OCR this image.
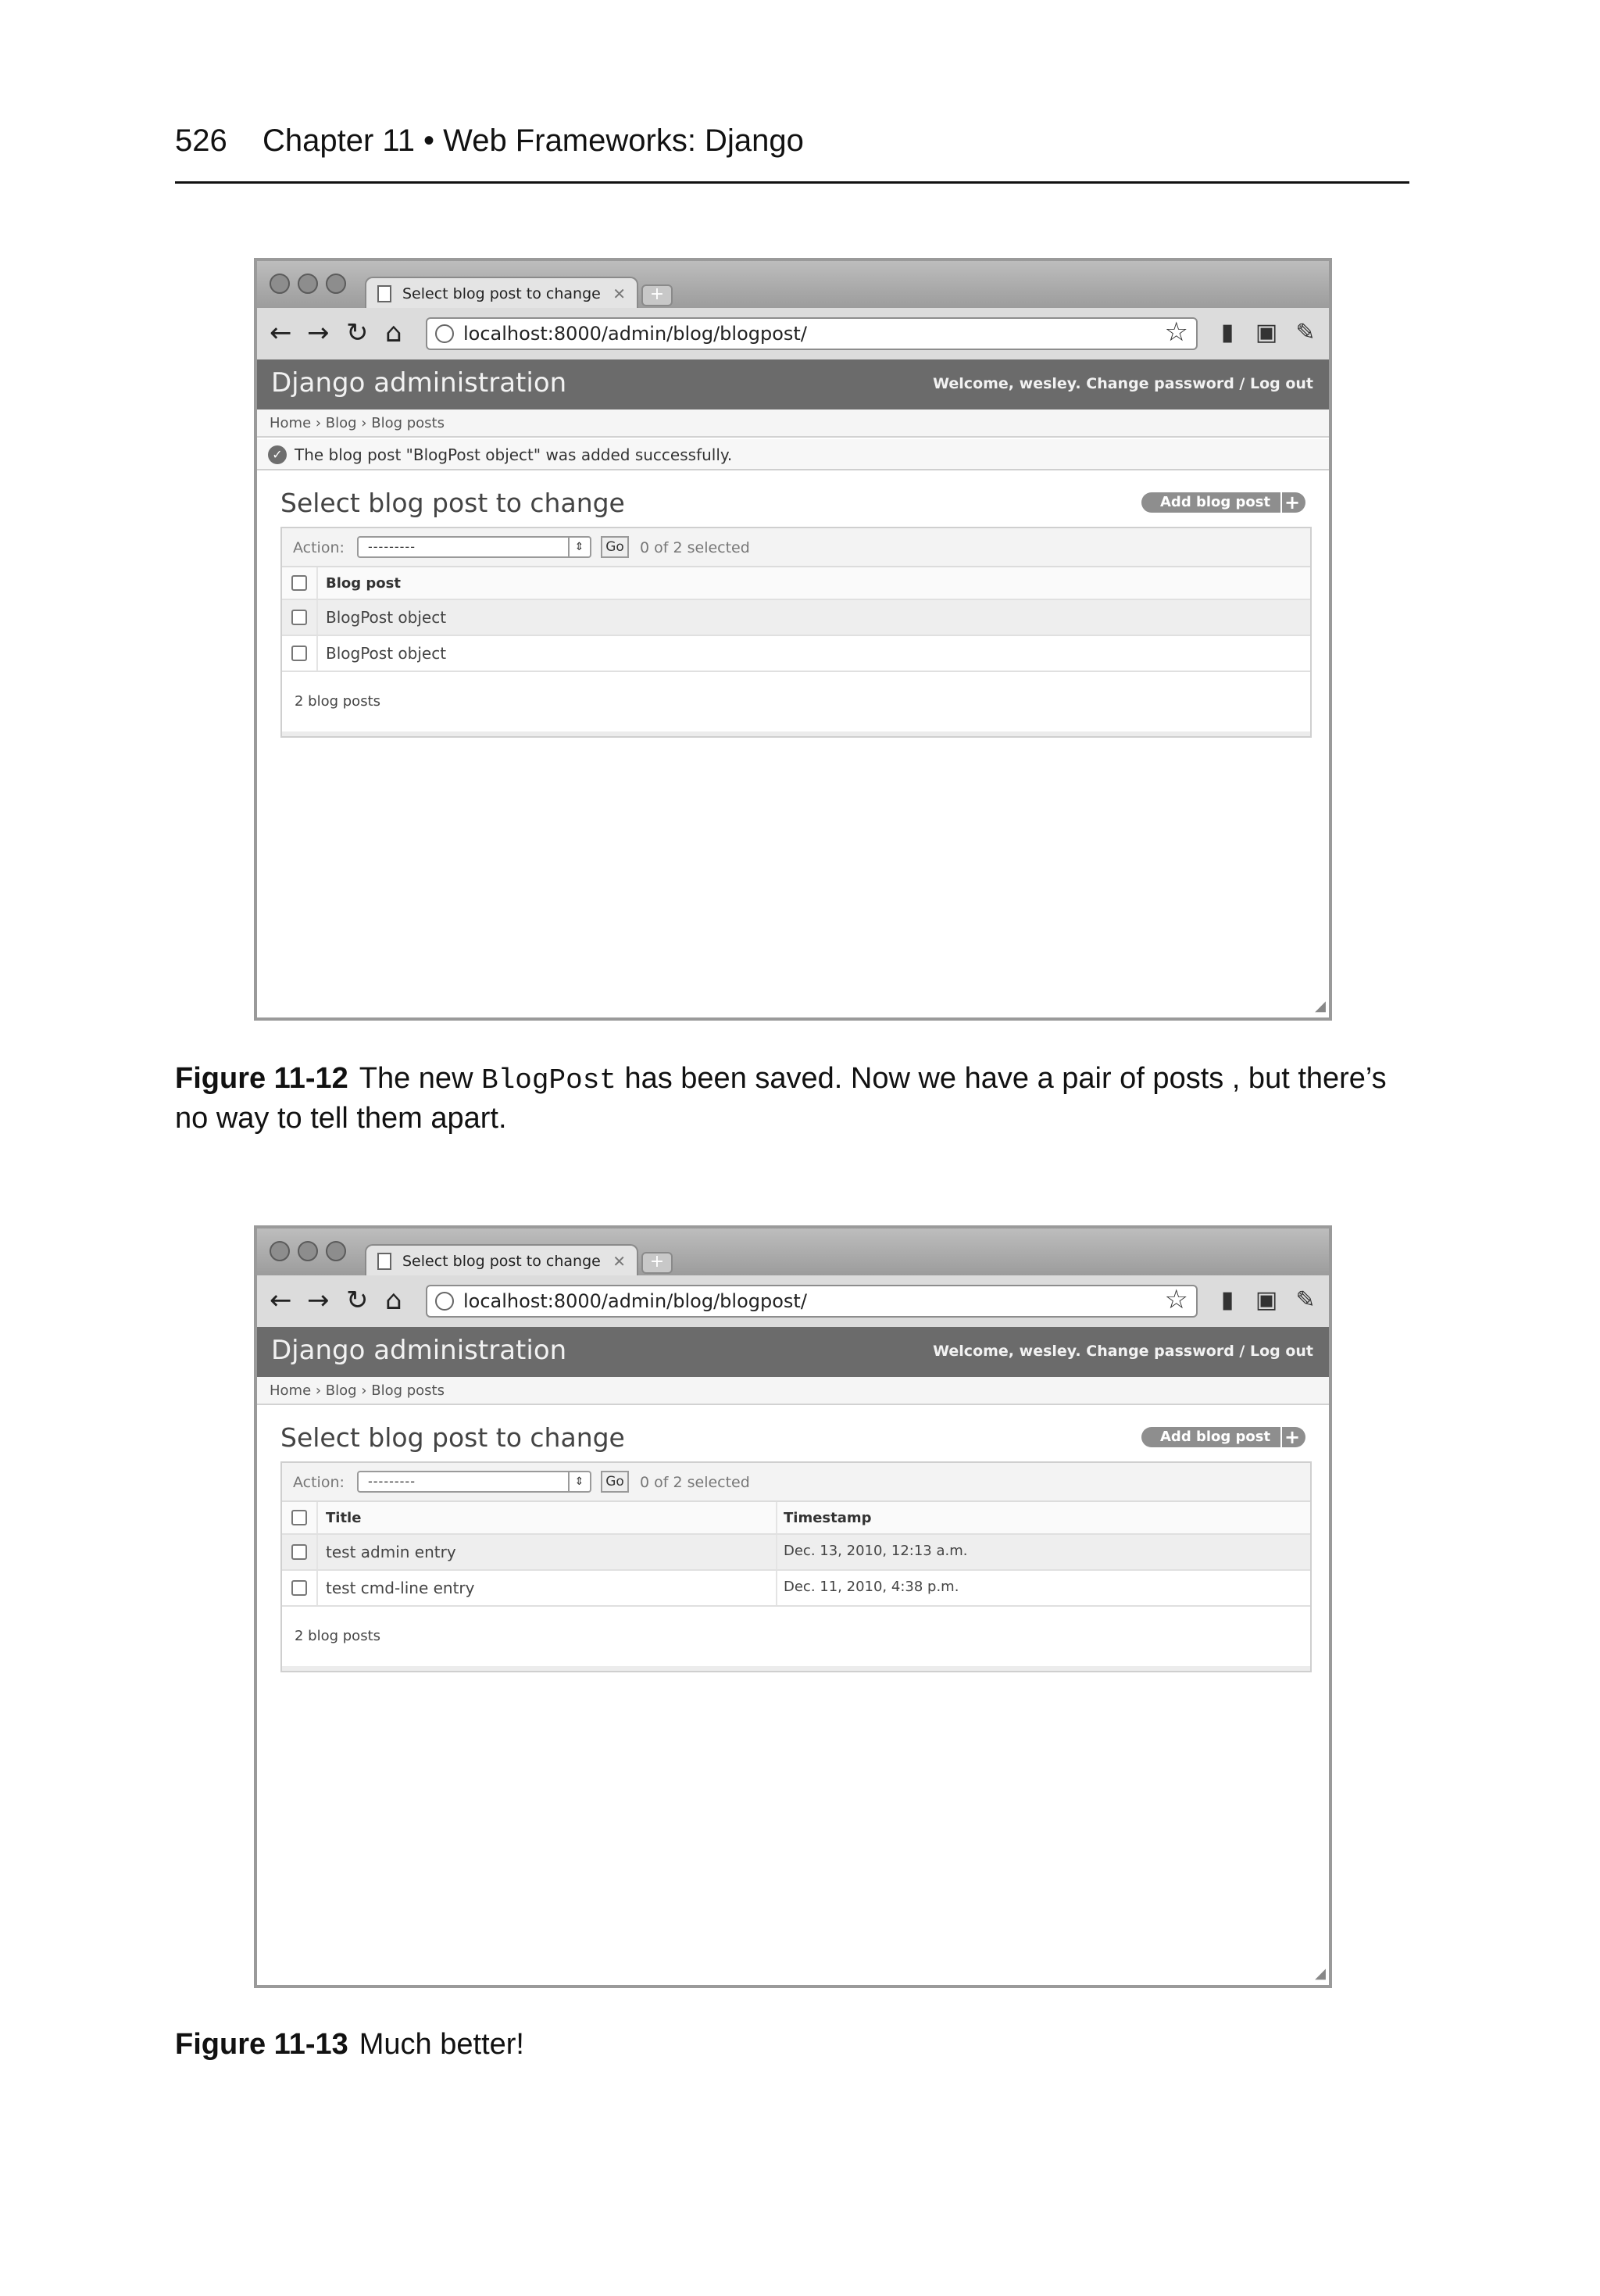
526 Chapter 11 • Web Frameworks: Django
Select blog post to change ✕	+
← → ↻ ⌂	localhost:8000/admin/blog/blogpost/	☆	▮ ▣ ✎
Django administration	Welcome, wesley. Change password / Log out
Home › Blog › Blog posts
✓ The blog post "BlogPost object" was added successfully.
Select blog post to change	Add blog post +
Action:	---------	⇕	Go	0 of 2 selected
Blog post
BlogPost object
BlogPost object
2 blog posts
◢
Figure 11-12 The new BlogPost has been saved. Now we have a pair of posts , but there’s no way to tell them apart.
Select blog post to change ✕	+
← → ↻ ⌂	localhost:8000/admin/blog/blogpost/	☆	▮ ▣ ✎
Django administration	Welcome, wesley. Change password / Log out
Home › Blog › Blog posts
Select blog post to change	Add blog post +
Action:	---------	⇕	Go	0 of 2 selected
Title	Timestamp
test admin entry	Dec. 13, 2010, 12:13 a.m.
test cmd-line entry	Dec. 11, 2010, 4:38 p.m.
2 blog posts
◢
Figure 11-13 Much better!
